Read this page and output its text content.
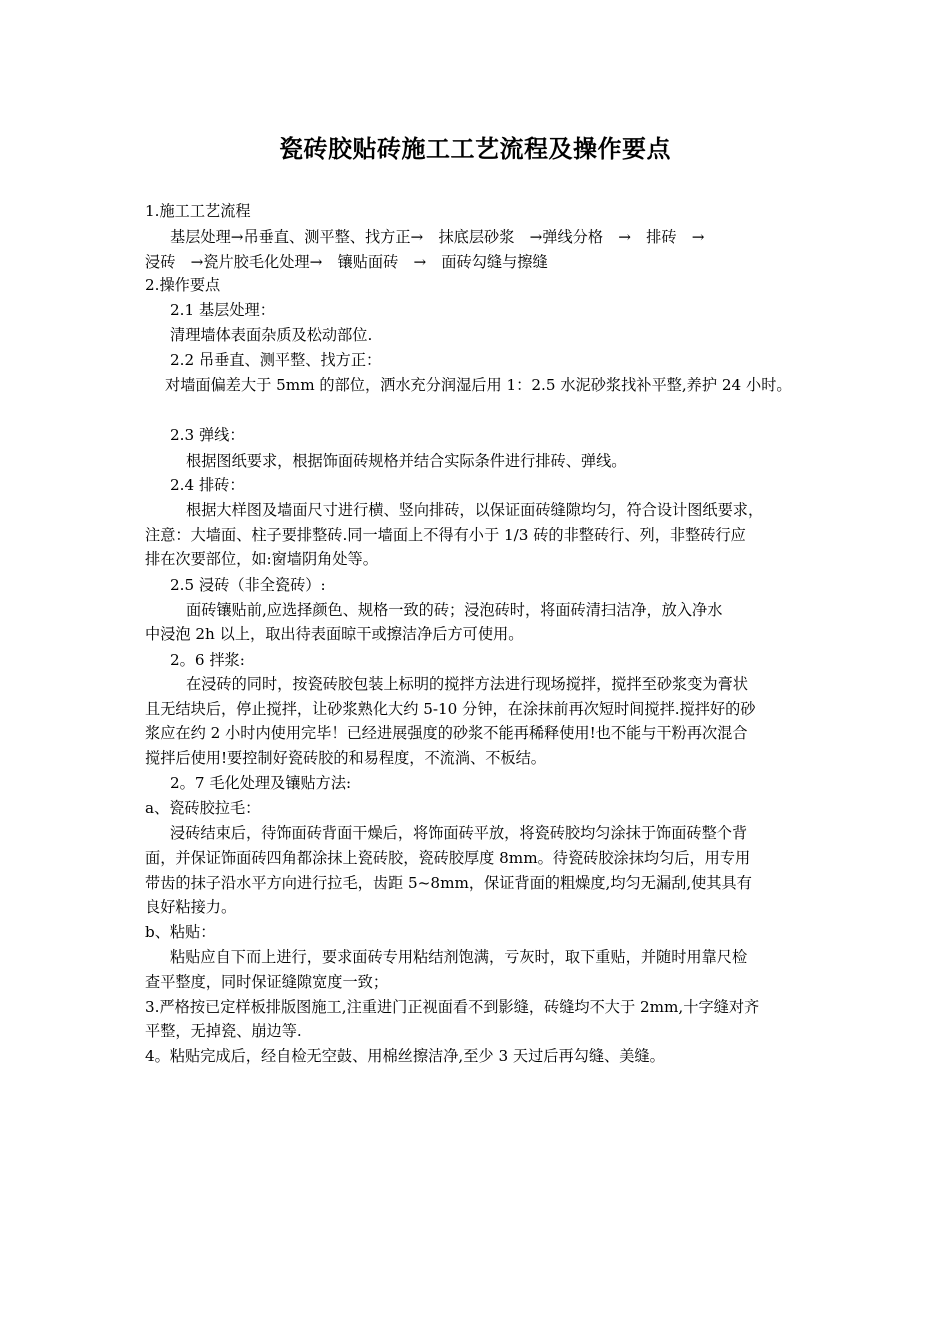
瓷砖胶贴砖施工工艺流程及操作要点
1.施工工艺流程
基层处理→吊垂直、测平整、找方正→　抹底层砂浆　→弹线分格　→　排砖　→
浸砖　→瓷片胶毛化处理→　镶贴面砖　→　面砖勾缝与擦缝
2.操作要点
2.1 基层处理：
清理墙体表面杂质及松动部位.
2.2 吊垂直、测平整、找方正：
对墙面偏差大于 5mm 的部位，洒水充分润湿后用 1：2.5 水泥砂浆找补平整,养护 24 小时。
2.3 弹线：
根据图纸要求，根据饰面砖规格并结合实际条件进行排砖、弹线。
2.4 排砖：
根据大样图及墙面尺寸进行横、竖向排砖，以保证面砖缝隙均匀，符合设计图纸要求，
注意：大墙面、柱子要排整砖.同一墙面上不得有小于 1/3 砖的非整砖行、列，非整砖行应
排在次要部位，如:窗墙阴角处等。
2.5 浸砖（非全瓷砖）:
面砖镶贴前,应选择颜色、规格一致的砖；浸泡砖时，将面砖清扫洁净，放入净水
中浸泡 2h 以上，取出待表面晾干或擦洁净后方可使用。
2。6 拌浆:
在浸砖的同时，按瓷砖胶包装上标明的搅拌方法进行现场搅拌，搅拌至砂浆变为膏状
且无结块后，停止搅拌，让砂浆熟化大约 5-10 分钟，在涂抹前再次短时间搅拌.搅拌好的砂
浆应在约 2 小时内使用完毕！已经进展强度的砂浆不能再稀释使用!也不能与干粉再次混合
搅拌后使用!要控制好瓷砖胶的和易程度，不流淌、不板结。
2。7 毛化处理及镶贴方法:
a、瓷砖胶拉毛：
浸砖结束后，待饰面砖背面干燥后，将饰面砖平放，将瓷砖胶均匀涂抹于饰面砖整个背
面，并保证饰面砖四角都涂抹上瓷砖胶，瓷砖胶厚度 8mm。待瓷砖胶涂抹均匀后，用专用
带齿的抹子沿水平方向进行拉毛，齿距 5~8mm，保证背面的粗燥度,均匀无漏刮,使其具有
良好粘接力。
b、粘贴：
粘贴应自下而上进行，要求面砖专用粘结剂饱满，亏灰时，取下重贴，并随时用靠尺检
查平整度，同时保证缝隙宽度一致；
3.严格按已定样板排版图施工,注重进门正视面看不到影缝，砖缝均不大于 2mm,十字缝对齐
平整，无掉瓷、崩边等.
4。粘贴完成后，经自检无空鼓、用棉丝擦洁净,至少 3 天过后再勾缝、美缝。
